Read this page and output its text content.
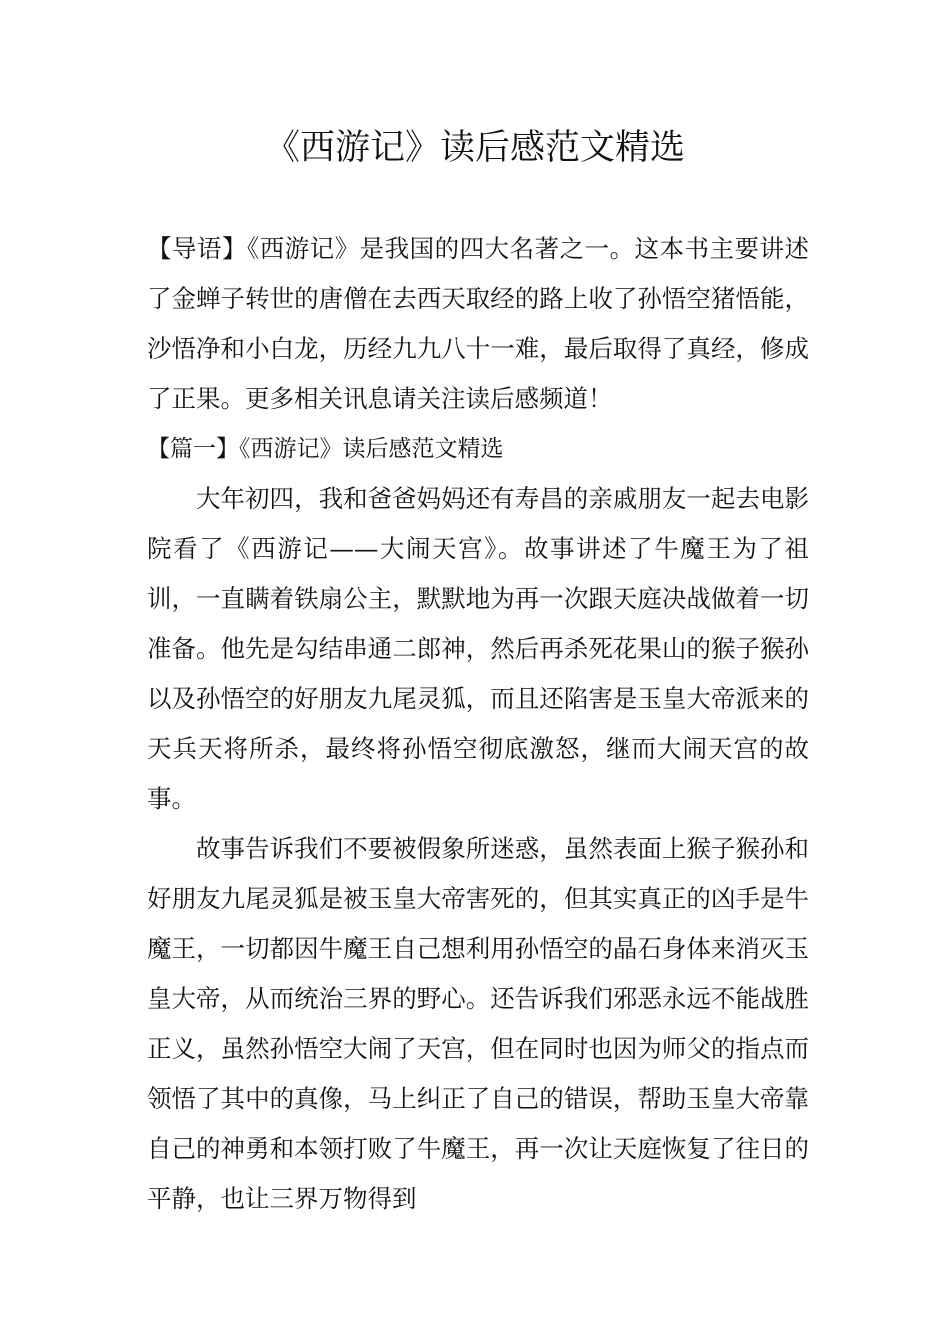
《西游记》读后感范文精选

【导语】《西游记》是我国的四大名著之一。这本书主要讲述了金蝉子转世的唐僧在去西天取经的路上收了孙悟空猪悟能，沙悟净和小白龙，历经九九八十一难，最后取得了真经，修成了正果。更多相关讯息请关注读后感频道！

【篇一】《西游记》读后感范文精选

大年初四，我和爸爸妈妈还有寿昌的亲戚朋友一起去电影院看了《西游记——大闹天宫》。故事讲述了牛魔王为了祖训，一直瞒着铁扇公主，默默地为再一次跟天庭决战做着一切准备。他先是勾结串通二郎神，然后再杀死花果山的猴子猴孙以及孙悟空的好朋友九尾灵狐，而且还陷害是玉皇大帝派来的天兵天将所杀，最终将孙悟空彻底激怒，继而大闹天宫的故事。

故事告诉我们不要被假象所迷惑，虽然表面上猴子猴孙和好朋友九尾灵狐是被玉皇大帝害死的，但其实真正的凶手是牛魔王，一切都因牛魔王自己想利用孙悟空的晶石身体来消灭玉皇大帝，从而统治三界的野心。还告诉我们邪恶永远不能战胜正义，虽然孙悟空大闹了天宫，但在同时也因为师父的指点而领悟了其中的真像，马上纠正了自己的错误，帮助玉皇大帝靠自己的神勇和本领打败了牛魔王，再一次让天庭恢复了往日的平静，也让三界万物得到
